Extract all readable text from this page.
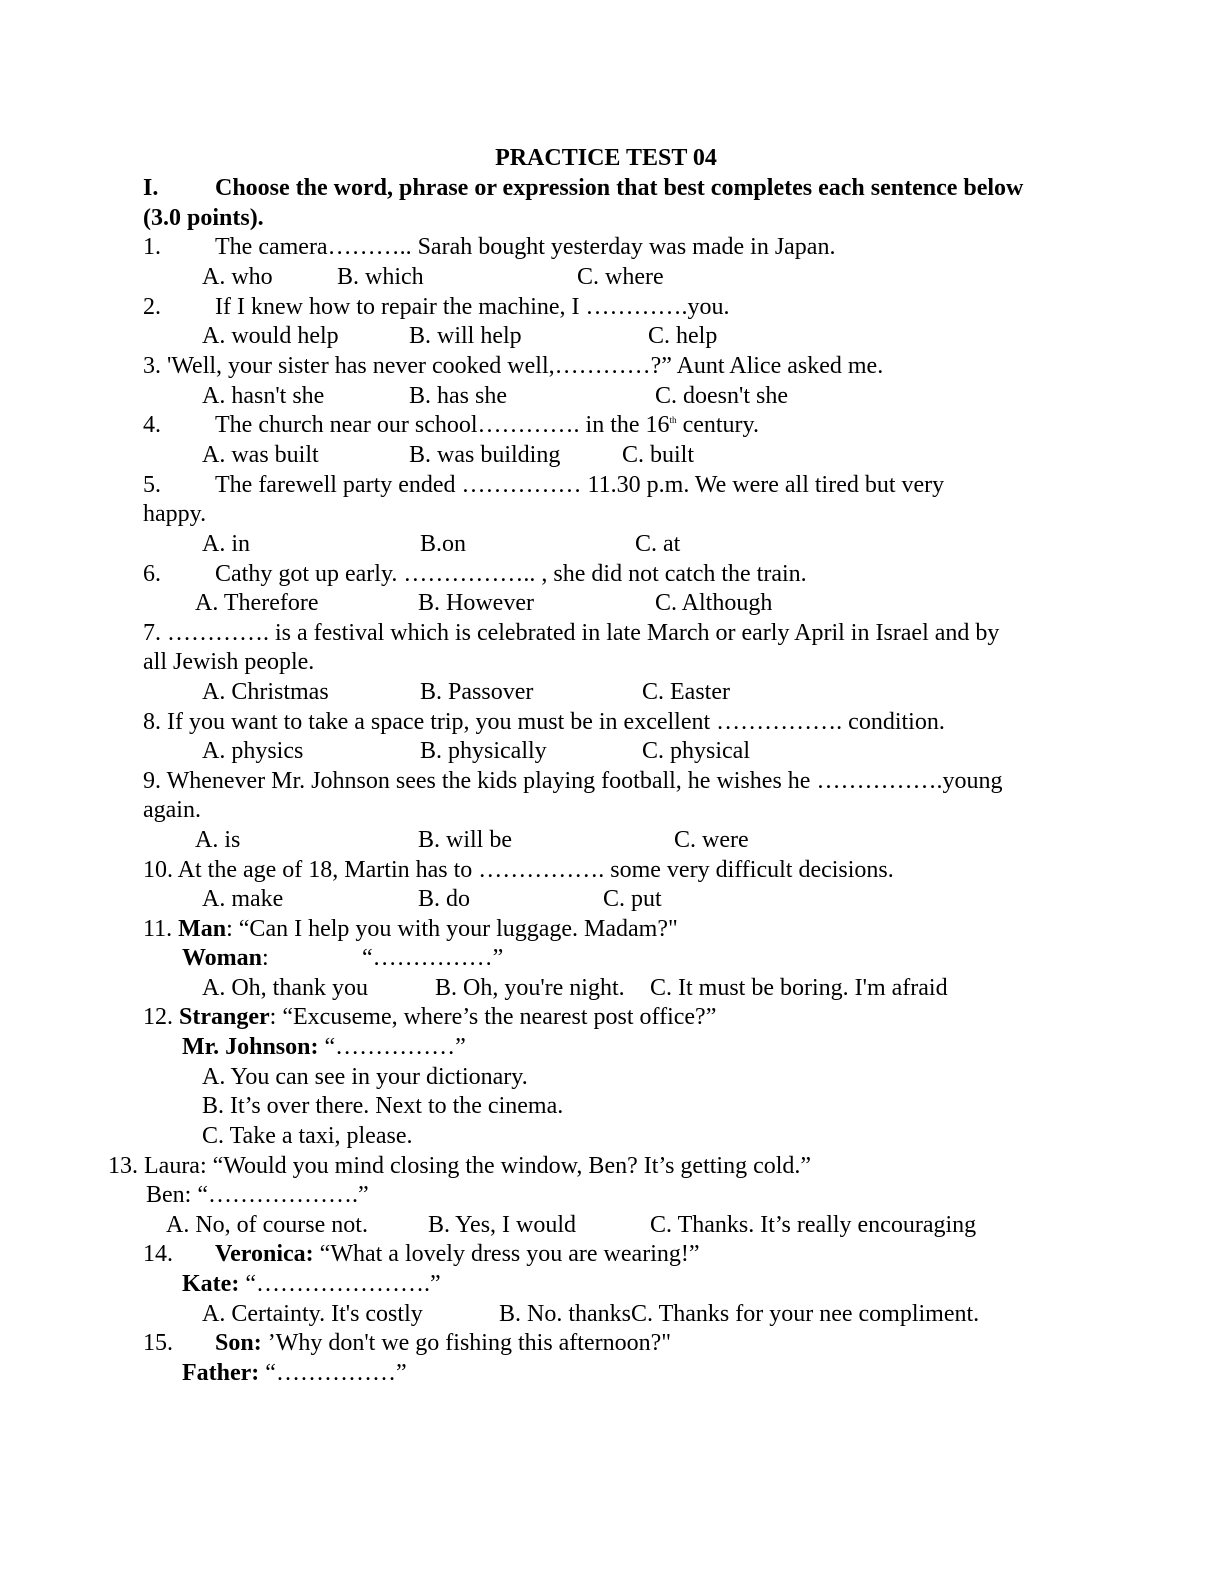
PRACTICE TEST 04
I. Choose the word, phrase or expression that best completes each sentence below
(3.0 points).
1. The camera……….. Sarah bought yesterday was made in Japan.
A. who	B. which	C. where
2. If I knew how to repair the machine, I ………….you.
A. would help	B. will help	C. help
3. 'Well, your sister has never cooked well,…………?” Aunt Alice asked me.
A. hasn't she	B. has she	C. doesn't she
4. The church near our school…………. in the 16th century.
A. was built	B. was building	C. built
5. The farewell party ended …………… 11.30 p.m. We were all tired but very
happy.
A. in	B.on	C. at
6. Cathy got up early. …………….. , she did not catch the train.
A. Therefore	B. However	C. Although
7. …………. is a festival which is celebrated in late March or early April in Israel and by
all Jewish people.
A. Christmas	B. Passover	C. Easter
8. If you want to take a space trip, you must be in excellent ……………. condition.
A. physics	B. physically	C. physical
9. Whenever Mr. Johnson sees the kids playing football, he wishes he …………….young
again.
A. is	B. will be	C. were
10. At the age of 18, Martin has to ……………. some very difficult decisions.
A. make	B. do	C. put
11. Man: “Can I help you with your luggage. Madam?"
Woman:	“……………”
A. Oh, thank you	B. Oh, you're night. C. It must be boring. I'm afraid
12. Stranger: “Excuseme, where’s the nearest post office?”
Mr. Johnson: “……………”
A. You can see in your dictionary.
B. It’s over there. Next to the cinema.
C. Take a taxi, please.
13. Laura: “Would you mind closing the window, Ben? It’s getting cold.”
Ben: “……………….”
A. No, of course not.	B. Yes, I would	C. Thanks. It’s really encouraging
14. Veronica: “What a lovely dress you are wearing!”
Kate: “………………….”
A. Certainty. It's costly	B. No. thanksC. Thanks for your nee compliment.
15. Son: ’Why don't we go fishing this afternoon?"
Father: “……………”
